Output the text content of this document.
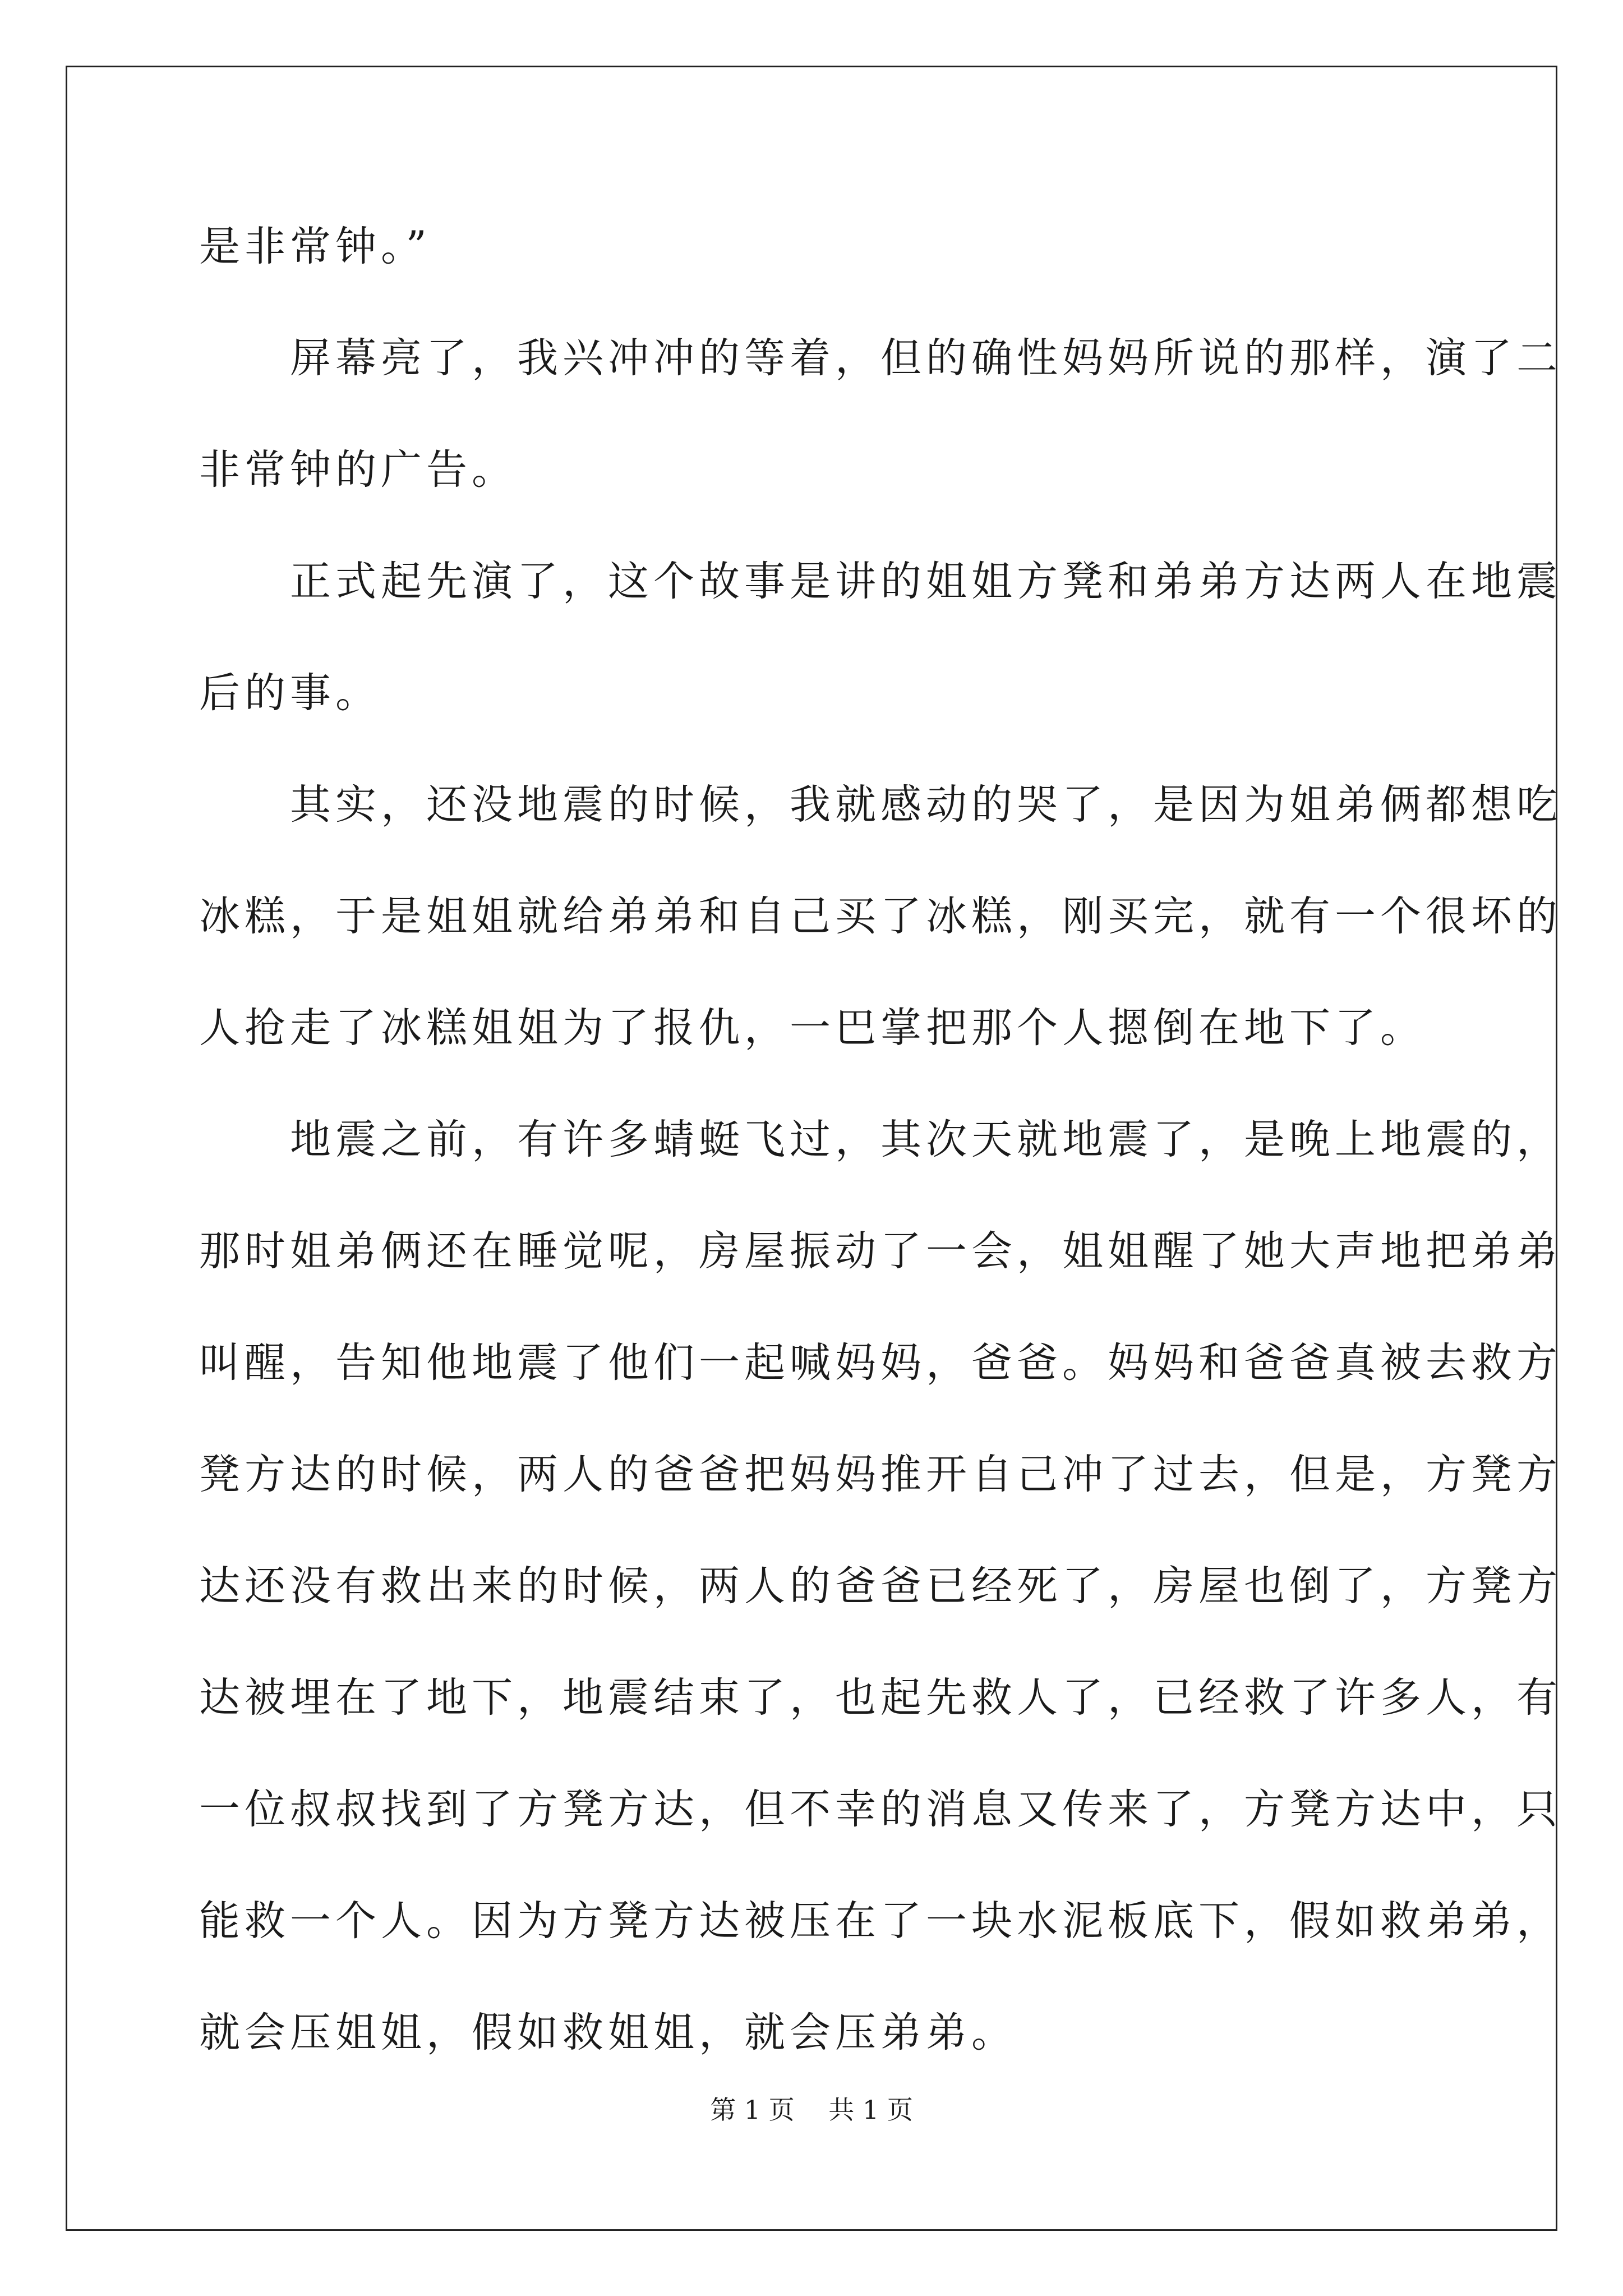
是非常钟。”
　　屏幕亮了，我兴冲冲的等着，但的确性妈妈所说的那样，演了二
非常钟的广告。
　　正式起先演了，这个故事是讲的姐姐方凳和弟弟方达两人在地震
后的事。
　　其实，还没地震的时候，我就感动的哭了，是因为姐弟俩都想吃
冰糕，于是姐姐就给弟弟和自己买了冰糕，刚买完，就有一个很坏的
人抢走了冰糕姐姐为了报仇，一巴掌把那个人摁倒在地下了。
　　地震之前，有许多蜻蜓飞过，其次天就地震了，是晚上地震的，
那时姐弟俩还在睡觉呢，房屋振动了一会，姐姐醒了她大声地把弟弟
叫醒，告知他地震了他们一起喊妈妈，爸爸。妈妈和爸爸真被去救方
凳方达的时候，两人的爸爸把妈妈推开自己冲了过去，但是，方凳方
达还没有救出来的时候，两人的爸爸已经死了，房屋也倒了，方凳方
达被埋在了地下，地震结束了，也起先救人了，已经救了许多人，有
一位叔叔找到了方凳方达，但不幸的消息又传来了，方凳方达中，只
能救一个人。因为方凳方达被压在了一块水泥板底下，假如救弟弟，
就会压姐姐，假如救姐姐，就会压弟弟。
第 1 页　 共 1 页
